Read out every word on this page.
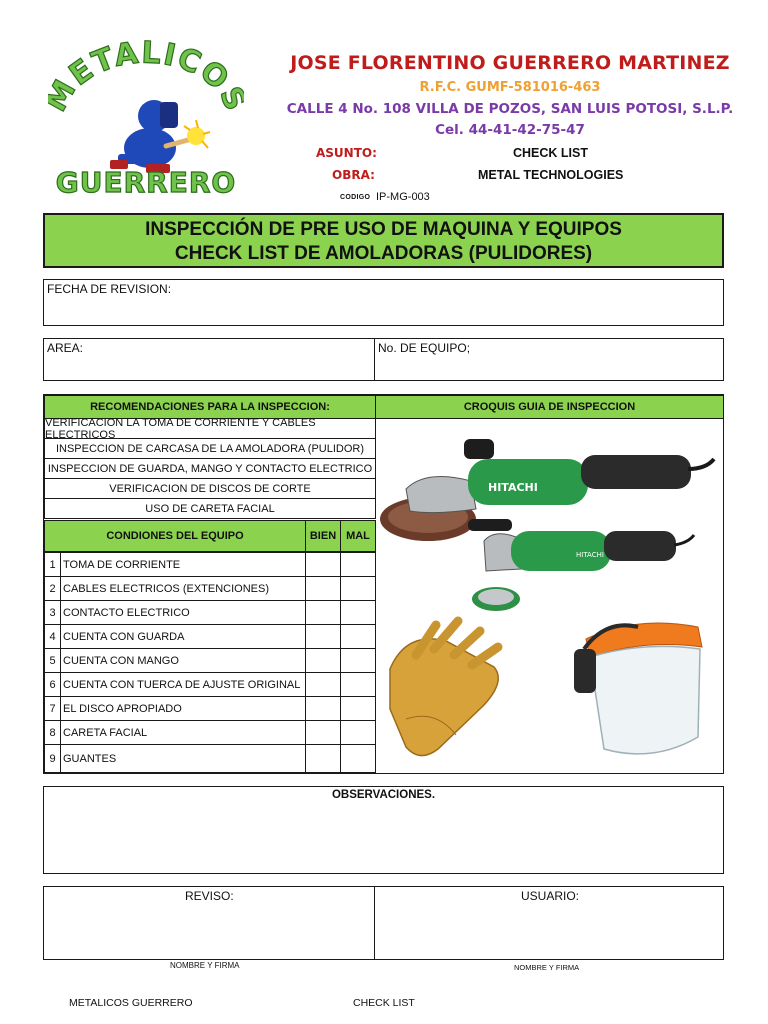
ETALICO
GUERRERO
JOSE FLORENTINO GUERRERO MARTINEZ
R.F.C. GUMF-581016-463
CALLE 4 No. 108 VILLA DE POZOS, SAN LUIS POTOSI, S.L.P.
Cel. 44-41-42-75-47
ASUNTO:	CHECK LIST
OBRA:	METAL TECHNOLOGIES
CODIGO IP-MG-003
INSPECCIÓN DE PRE USO DE MAQUINA Y EQUIPOS
CHECK LIST DE AMOLADORAS (PULIDORES)
FECHA DE REVISION:
AREA:	No. DE EQUIPO;
RECOMENDACIONES PARA LA INSPECCION:	CROQUIS GUIA DE INSPECCION
VERIFICACION LA TOMA DE CORRIENTE Y CABLES ELECTRICOS
INSPECCION DE CARCASA DE LA AMOLADORA (PULIDOR)
INSPECCION DE GUARDA, MANGO Y CONTACTO ELECTRICO
VERIFICACION DE DISCOS DE CORTE
USO DE CARETA FACIAL
CONDIONES DEL EQUIPO	BIEN MAL
1 TOMA DE CORRIENTE
2 CABLES ELECTRICOS (EXTENCIONES)
3 CONTACTO ELECTRICO
4 CUENTA CON GUARDA
5 CUENTA CON MANGO
6 CUENTA CON TUERCA DE AJUSTE ORIGINAL
7 EL DISCO APROPIADO
8 CARETA FACIAL
9 GUANTES
HITACHI
HITACHI
OBSERVACIONES.
REVISO:	USUARIO:
NOMBRE Y FIRMA	NOMBRE Y FIRMA
METALICOS GUERRERO	CHECK LIST
